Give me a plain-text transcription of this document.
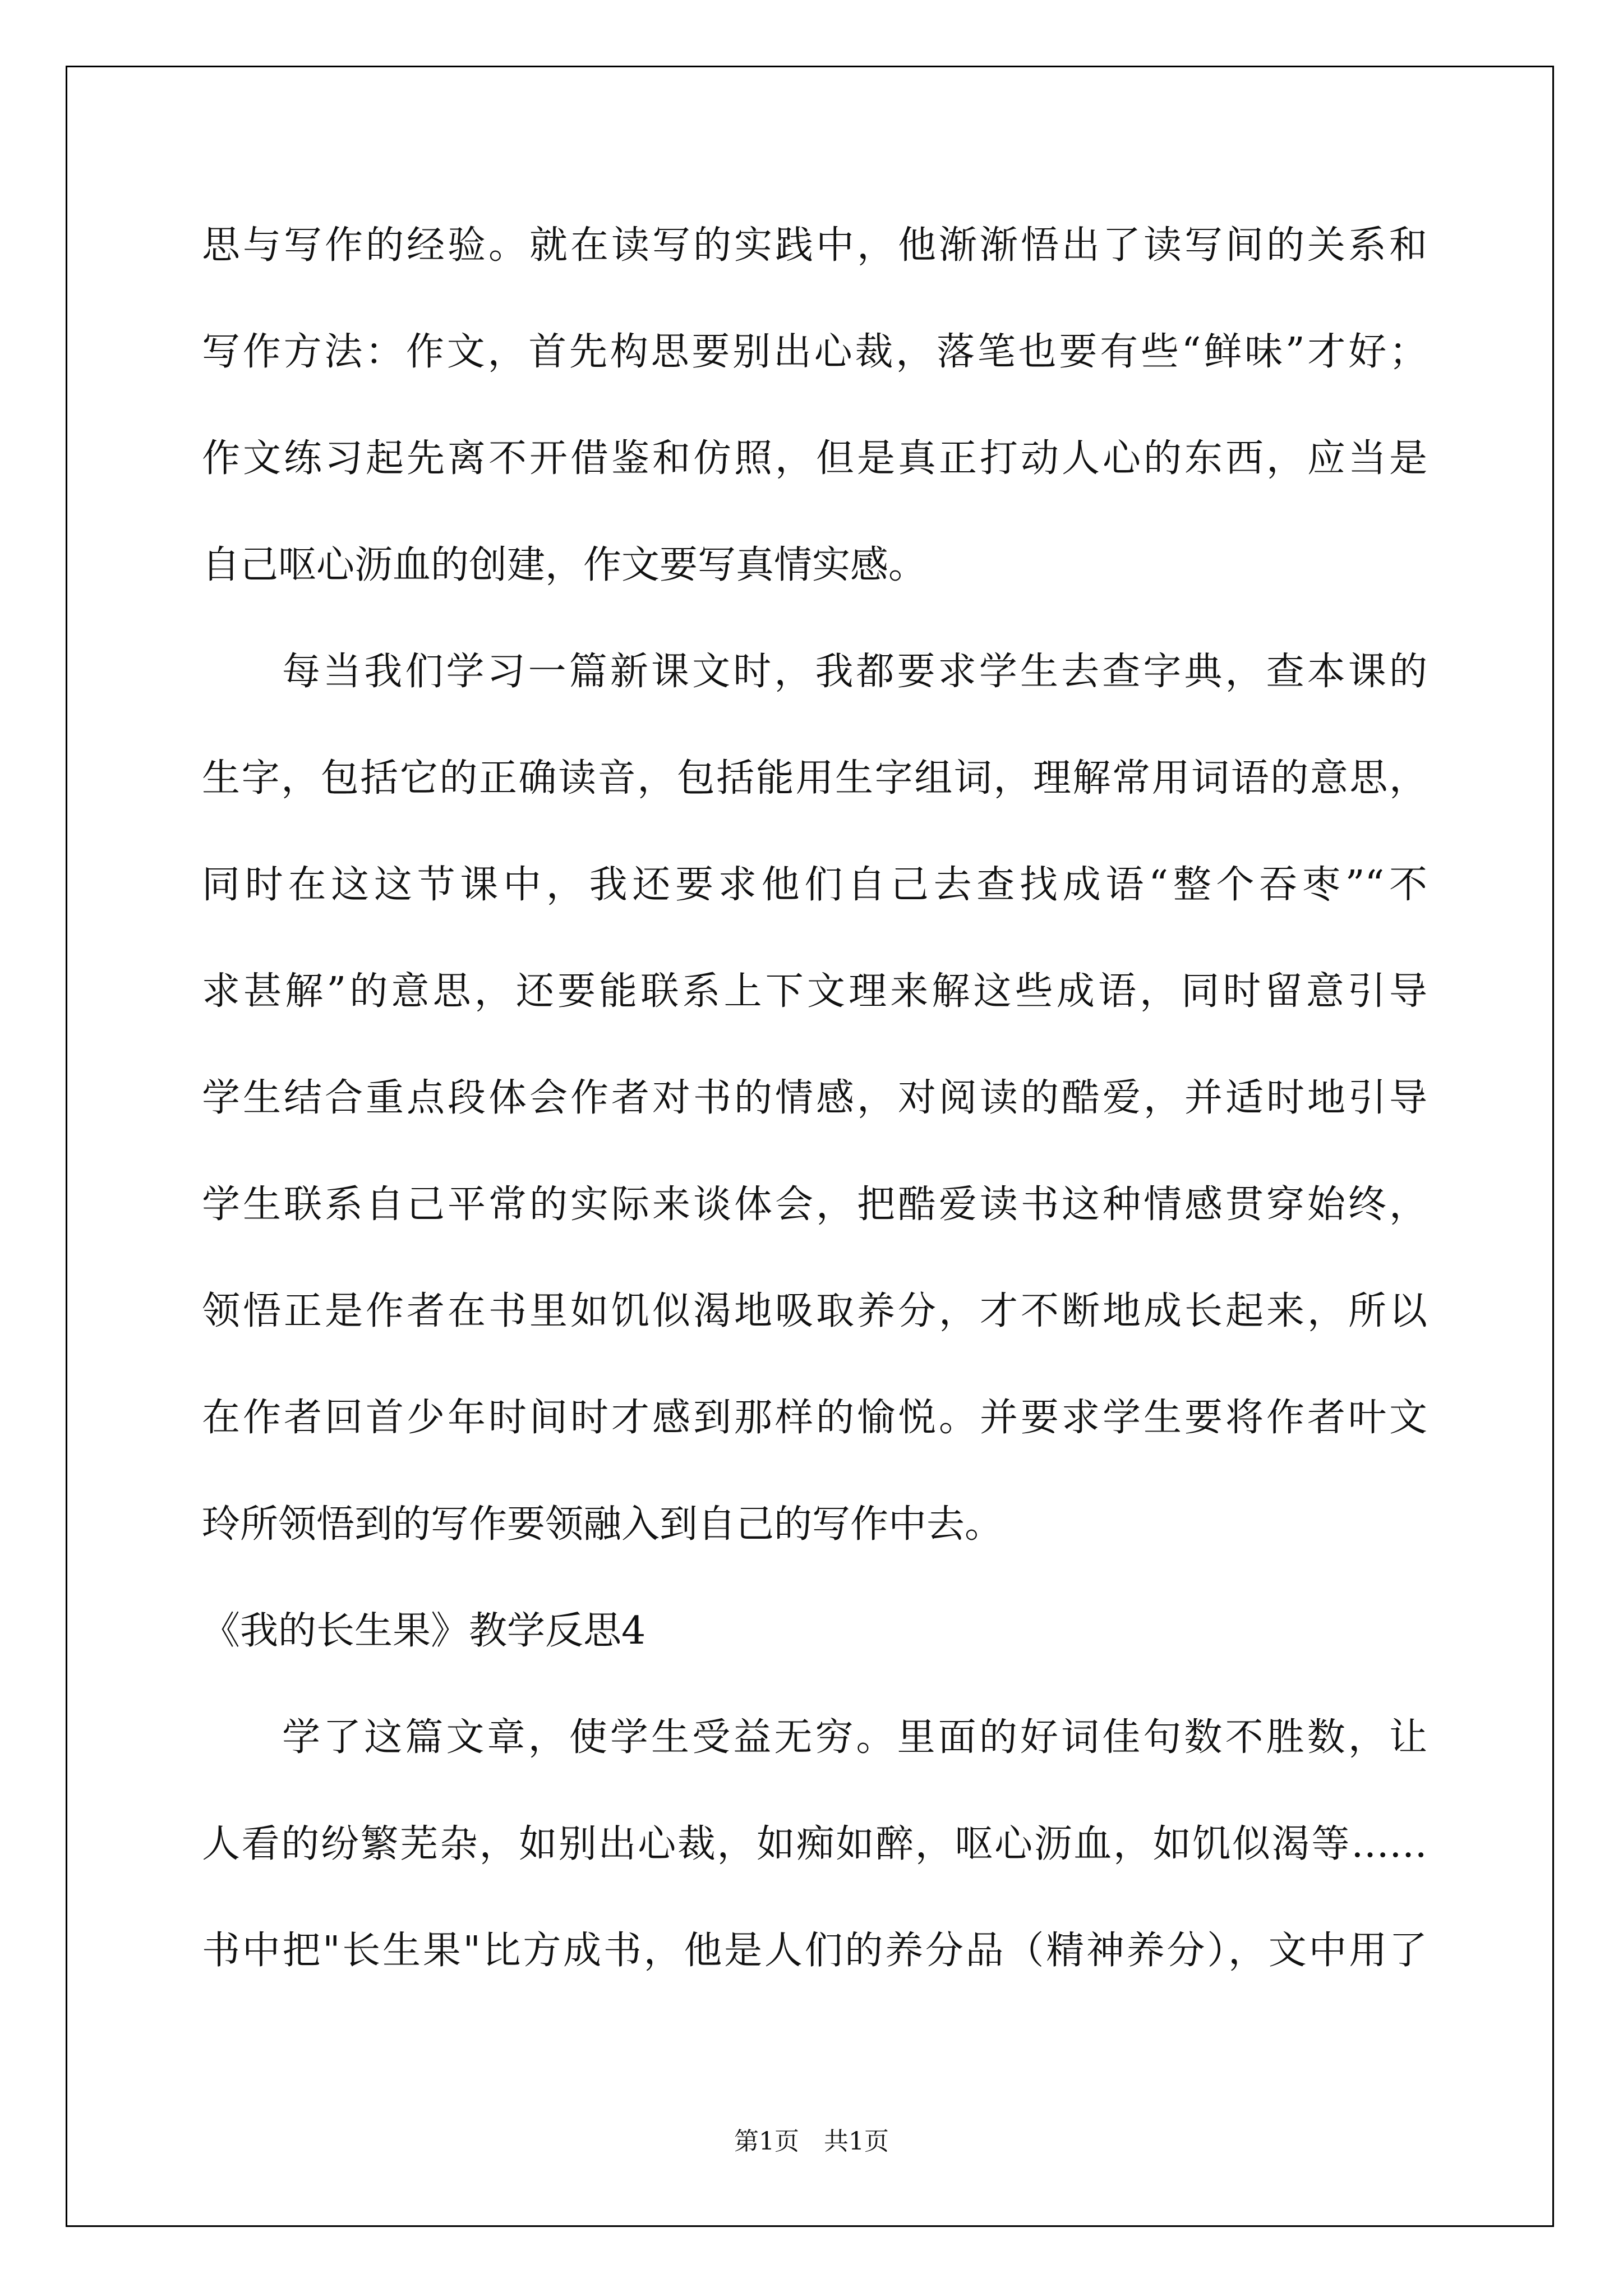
思与写作的经验。就在读写的实践中，他渐渐悟出了读写间的关系和
写作方法：作文，首先构思要别出心裁，落笔也要有些“鲜味”才好；
作文练习起先离不开借鉴和仿照，但是真正打动人心的东西，应当是
自己呕心沥血的创建，作文要写真情实感。
每当我们学习一篇新课文时，我都要求学生去查字典，查本课的
生字，包括它的正确读音，包括能用生字组词，理解常用词语的意思，
同时在这这节课中，我还要求他们自己去查找成语“整个吞枣”“不
求甚解”的意思，还要能联系上下文理来解这些成语，同时留意引导
学生结合重点段体会作者对书的情感，对阅读的酷爱，并适时地引导
学生联系自己平常的实际来谈体会，把酷爱读书这种情感贯穿始终，
领悟正是作者在书里如饥似渴地吸取养分，才不断地成长起来，所以
在作者回首少年时间时才感到那样的愉悦。并要求学生要将作者叶文
玲所领悟到的写作要领融入到自己的写作中去。
《我的长生果》教学反思4
学了这篇文章，使学生受益无穷。里面的好词佳句数不胜数，让
人看的纷繁芜杂，如别出心裁，如痴如醉，呕心沥血，如饥似渴等……
书中把"长生果"比方成书，他是人们的养分品（精神养分），文中用了
第1页　共1页
